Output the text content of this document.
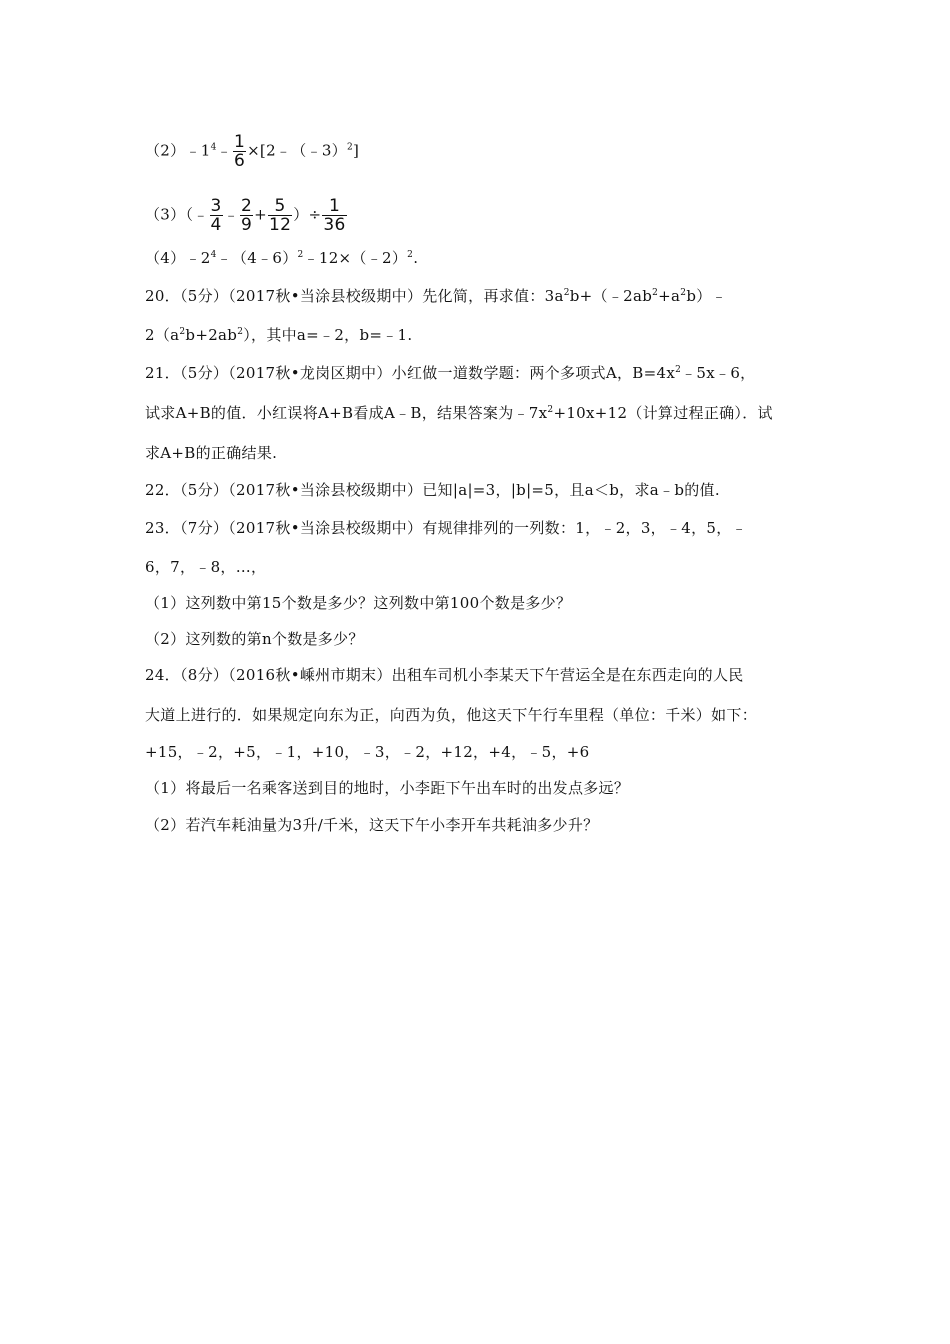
$(2)﹣1^4﹣ \frac{1}{6}$ ×[2﹣（﹣3）$^2$]
（3）（﹣ $\frac{3}{4}$ ﹣ $\frac{2}{9} + \frac{5}{12}$ ）÷ $\frac{1}{36}$
$(4)﹣2^4﹣(4﹣6)^2﹣12\times(﹣2)^2$.
20．（5分）（2017秋•当涂县校级期中）先化简，再求值：$3a^2b+(﹣2ab^2+a^2b)﹣$
$2(a^2b+2ab^2)$，其中a=﹣2，b=﹣1.
21．（5分）（2017秋•龙岗区期中）小红做一道数学题：两个多项式A，$B=4x^2﹣5x﹣6$，
试求A+B的值．小红误将A+B看成A﹣B，结果答案为$﹣7x^2+10x+12$（计算过程正确）．试
求A+B的正确结果.
22．（5分）（2017秋•当涂县校级期中）已知|a|=3，|b|=5，且a＜b，求a﹣b的值.
23．（7分）（2017秋•当涂县校级期中）有规律排列的一列数：1，﹣2，3，﹣4，5，﹣
6，7，﹣8，…，
（1）这列数中第15个数是多少？这列数中第100个数是多少？
（2）这列数的第n个数是多少？
24．（8分）（2016秋•嵊州市期末）出租车司机小李某天下午营运全是在东西走向的人民
大道上进行的．如果规定向东为正，向西为负，他这天下午行车里程（单位：千米）如下：
+15，﹣2，+5，﹣1，+10，﹣3，﹣2，+12，+4，﹣5，+6
（1）将最后一名乘客送到目的地时，小李距下午出车时的出发点多远？
（2）若汽车耗油量为3升/千米，这天下午小李开车共耗油多少升？
